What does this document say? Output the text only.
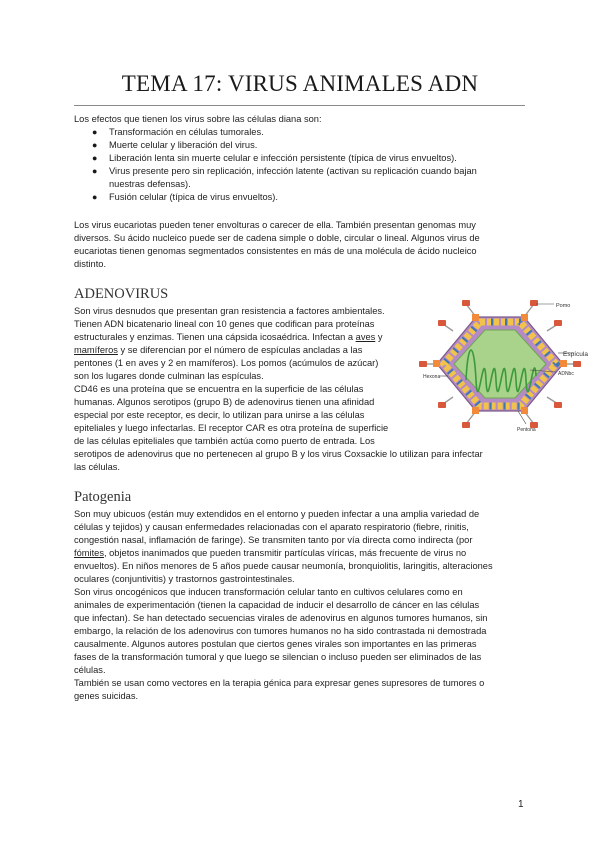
TEMA 17: VIRUS ANIMALES ADN
Los efectos que tienen los virus sobre las células diana son:
● Transformación en células tumorales.
● Muerte celular y liberación del virus.
● Liberación lenta sin muerte celular e infección persistente (típica de virus envueltos).
● Virus presente pero sin replicación, infección latente (activan su replicación cuando bajan
nuestras defensas).
● Fusión celular (típica de virus envueltos).
Los virus eucariotas pueden tener envolturas o carecer de ella. También presentan genomas muy
diversos. Su ácido nucleico puede ser de cadena simple o doble, circular o lineal. Algunos virus de
eucariotas tienen genomas segmentados consistentes en más de una molécula de ácido nucleico
distinto.
ADENOVIRUS
Son virus desnudos que presentan gran resistencia a factores ambientales.
Tienen ADN bicatenario lineal con 10 genes que codifican para proteínas
estructurales y enzimas. Tienen una cápsida icosaédrica. Infectan a aves y
mamíferos y se diferencian por el número de espículas ancladas a las
pentones (1 en aves y 2 en mamíferos). Los pomos (acúmulos de azúcar)
son los lugares donde culminan las espículas.
CD46 es una proteína que se encuentra en la superficie de las células
humanas. Algunos serotipos (grupo B) de adenovirus tienen una afinidad
especial por este receptor, es decir, lo utilizan para unirse a las células
epiteliales y luego infectarlas. El receptor CAR es otra proteína de superficie
de las células epiteliales que también actúa como puerto de entrada. Los
serotipos de adenovirus que no pertenecen al grupo B y los virus Coxsackie lo utilizan para infectar
las células.
Pomo
Espícula
ADNbc
Hexona
Pentona
Patogenia
Son muy ubicuos (están muy extendidos en el entorno y pueden infectar a una amplia variedad de
células y tejidos) y causan enfermedades relacionadas con el aparato respiratorio (fiebre, rinitis,
congestión nasal, inflamación de faringe). Se transmiten tanto por vía directa como indirecta (por
fómites, objetos inanimados que pueden transmitir partículas víricas, más frecuente de virus no
envueltos). En niños menores de 5 años puede causar neumonía, bronquiolitis, laringitis, alteraciones
oculares (conjuntivitis) y trastornos gastrointestinales.
Son virus oncogénicos que inducen transformación celular tanto en cultivos celulares como en
animales de experimentación (tienen la capacidad de inducir el desarrollo de cáncer en las células
que infectan). Se han detectado secuencias virales de adenovirus en algunos tumores humanos, sin
embargo, la relación de los adenovirus con tumores humanos no ha sido contrastada ni demostrada
causalmente. Algunos autores postulan que ciertos genes virales son importantes en las primeras
fases de la transformación tumoral y que luego se silencian o incluso pueden ser eliminados de las
células.
También se usan como vectores en la terapia génica para expresar genes supresores de tumores o
genes suicidas.
1
